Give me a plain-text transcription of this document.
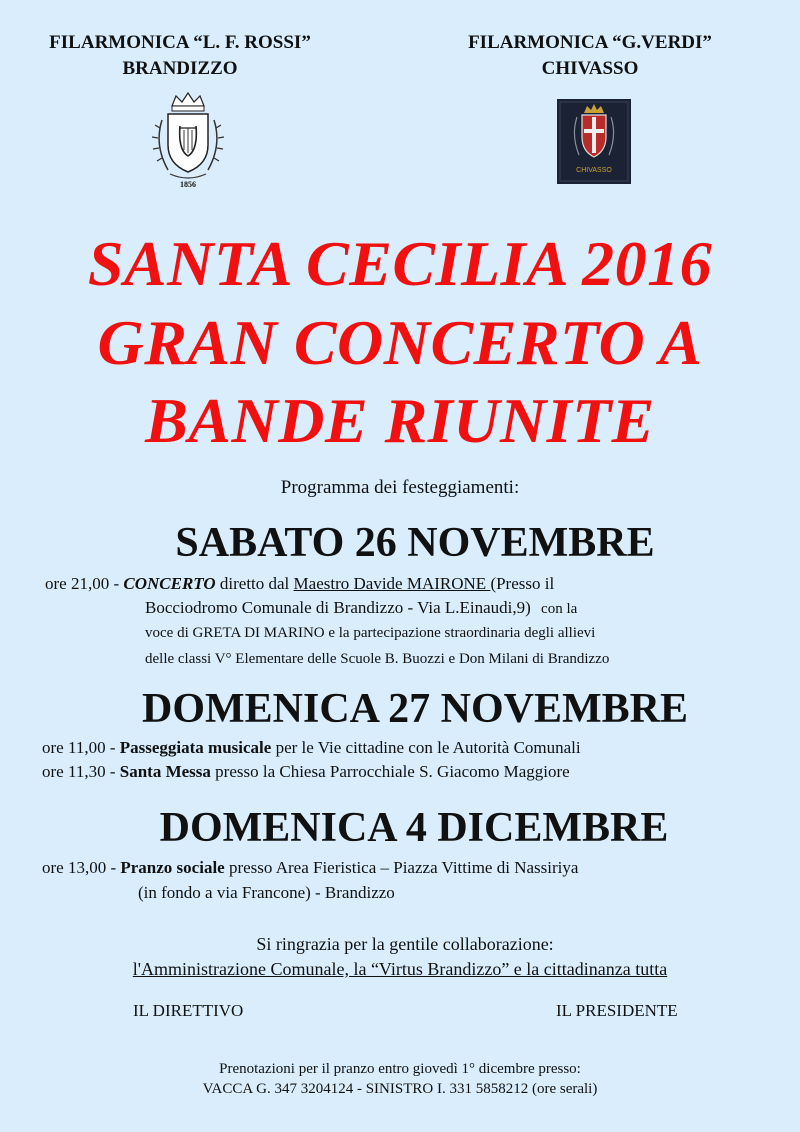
FILARMONICA “L. F. ROSSI”
BRANDIZZO
FILARMONICA “G.VERDI”
CHIVASSO
1856
CHIVASSO
SANTA CECILIA 2016
GRAN CONCERTO A
BANDE RIUNITE
Programma dei festeggiamenti:
SABATO 26 NOVEMBRE
ore 21,00 - CONCERTO diretto dal Maestro Davide MAIRONE (Presso il
Bocciodromo Comunale di Brandizzo - Via L.Einaudi,9) con la
voce di GRETA DI MARINO e la partecipazione straordinaria degli allievi
delle classi V° Elementare delle Scuole B. Buozzi e Don Milani di Brandizzo
DOMENICA 27 NOVEMBRE
ore 11,00 - Passeggiata musicale per le Vie cittadine con le Autorità Comunali
ore 11,30 - Santa Messa presso la Chiesa Parrocchiale S. Giacomo Maggiore
DOMENICA 4 DICEMBRE
ore 13,00 - Pranzo sociale presso Area Fieristica – Piazza Vittime di Nassiriya
(in fondo a via Francone) - Brandizzo
Si ringrazia per la gentile collaborazione:
l'Amministrazione Comunale, la “Virtus Brandizzo” e la cittadinanza tutta
IL DIRETTIVO	IL PRESIDENTE
Prenotazioni per il pranzo entro giovedì 1° dicembre presso:
VACCA G. 347 3204124 - SINISTRO I. 331 5858212 (ore serali)
